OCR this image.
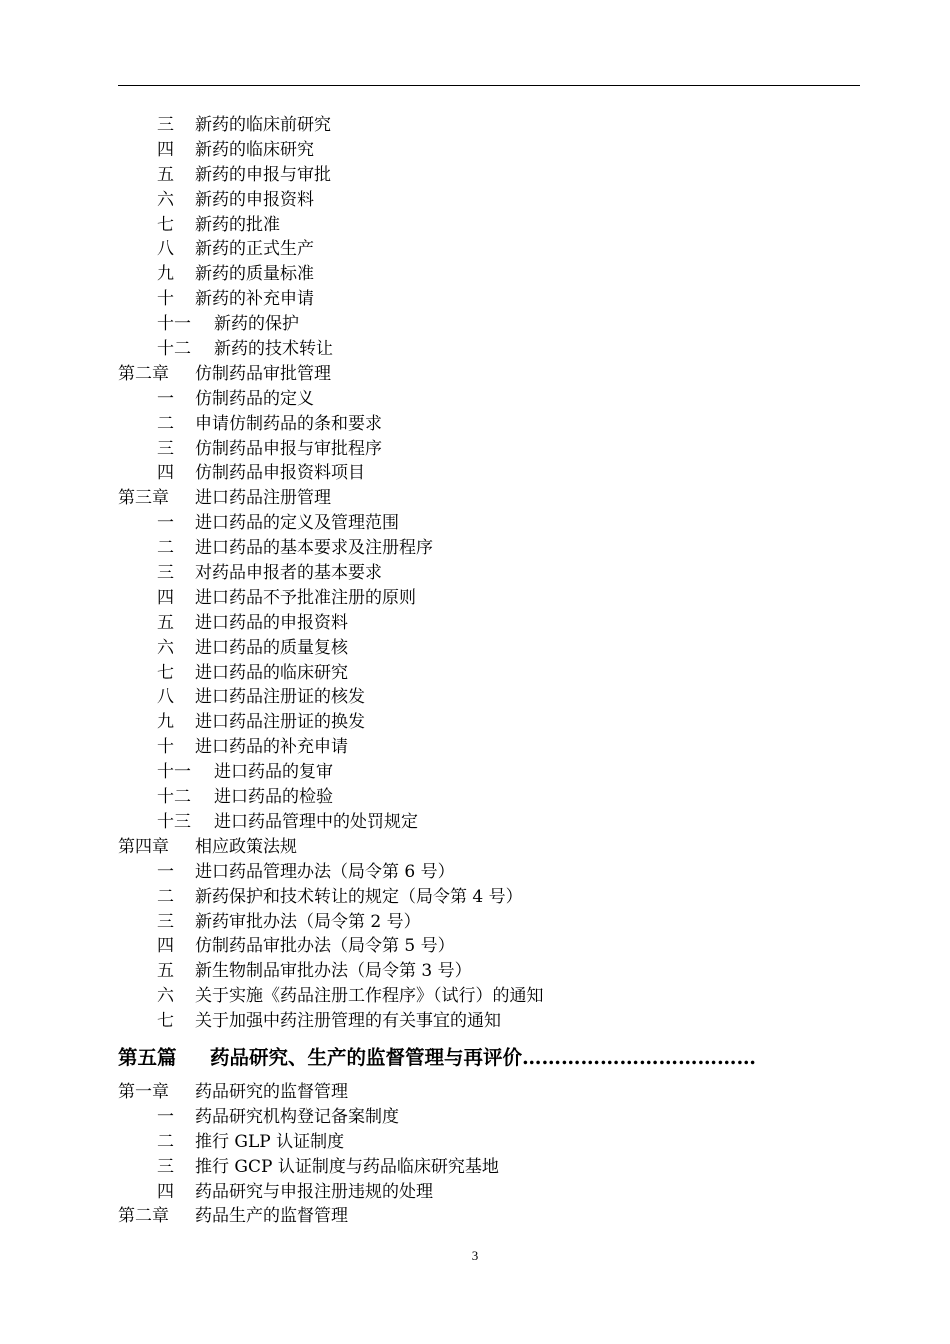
三 新药的临床前研究
四 新药的临床研究
五 新药的申报与审批
六 新药的申报资料
七 新药的批准
八 新药的正式生产
九 新药的质量标准
十 新药的补充申请
十一 新药的保护
十二 新药的技术转让
第二章 仿制药品审批管理
一 仿制药品的定义
二 申请仿制药品的条和要求
三 仿制药品申报与审批程序
四 仿制药品申报资料项目
第三章 进口药品注册管理
一 进口药品的定义及管理范围
二 进口药品的基本要求及注册程序
三 对药品申报者的基本要求
四 进口药品不予批准注册的原则
五 进口药品的申报资料
六 进口药品的质量复核
七 进口药品的临床研究
八 进口药品注册证的核发
九 进口药品注册证的换发
十 进口药品的补充申请
十一 进口药品的复审
十二 进口药品的检验
十三 进口药品管理中的处罚规定
第四章 相应政策法规
一 进口药品管理办法（局令第 6 号）
二 新药保护和技术转让的规定（局令第 4 号）
三 新药审批办法（局令第 2 号）
四 仿制药品审批办法（局令第 5 号）
五 新生物制品审批办法（局令第 3 号）
六 关于实施《药品注册工作程序》（试行）的通知
七 关于加强中药注册管理的有关事宜的通知
第五篇 药品研究、生产的监督管理与再评价………………………………
第一章 药品研究的监督管理
一 药品研究机构登记备案制度
二 推行 GLP 认证制度
三 推行 GCP 认证制度与药品临床研究基地
四 药品研究与申报注册违规的处理
第二章 药品生产的监督管理
3
